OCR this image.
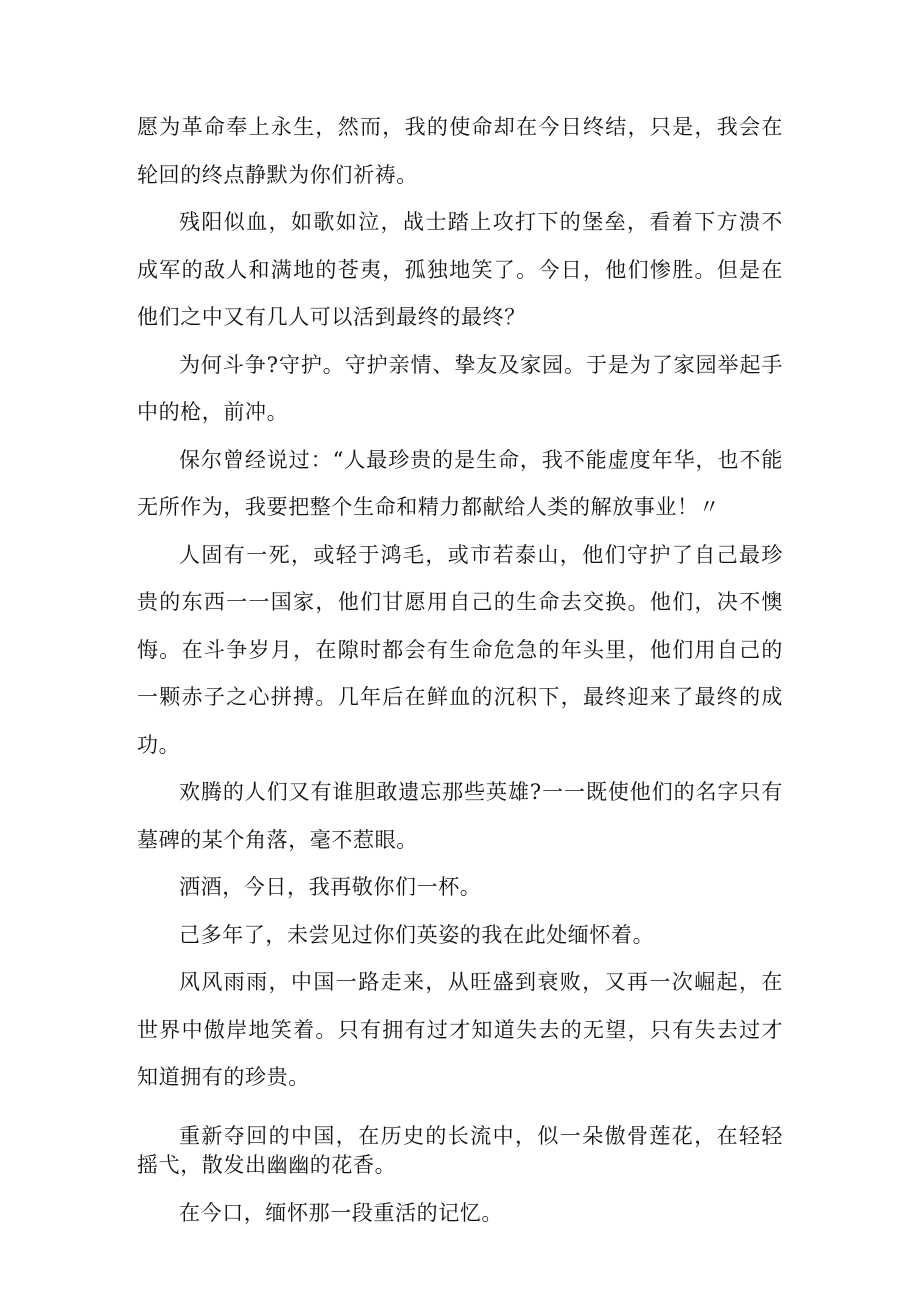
愿为革命奉上永生，然而，我的使命却在今日终结，只是，我会在轮回的终点静默为你们祈祷。

残阳似血，如歌如泣，战士踏上攻打下的堡垒，看着下方溃不成军的敌人和满地的苍夷，孤独地笑了。今日，他们惨胜。但是在他们之中又有几人可以活到最终的最终？

为何斗争?守护。守护亲情、挚友及家园。于是为了家园举起手中的枪，前冲。

保尔曾经说过：“人最珍贵的是生命，我不能虚度年华，也不能无所作为，我要把整个生命和精力都献给人类的解放事业！〃

人固有一死，或轻于鸿毛，或市若泰山，他们守护了自己最珍贵的东西一一国家，他们甘愿用自己的生命去交换。他们，决不懊悔。在斗争岁月，在隙时都会有生命危急的年头里，他们用自己的一颗赤子之心拼搏。几年后在鲜血的沉积下，最终迎来了最终的成功。

欢腾的人们又有谁胆敢遗忘那些英雄?一一既使他们的名字只有墓碑的某个角落，毫不惹眼。

洒酒，今日，我再敬你们一杯。

己多年了，未尝见过你们英姿的我在此处缅怀着。

风风雨雨，中国一路走来，从旺盛到衰败，又再一次崛起，在世界中傲岸地笑着。只有拥有过才知道失去的无望，只有失去过才知道拥有的珍贵。

重新夺回的中国，在历史的长流中，似一朵傲骨莲花，在轻轻摇弋，散发出幽幽的花香。

在今口，缅怀那一段重活的记忆。
